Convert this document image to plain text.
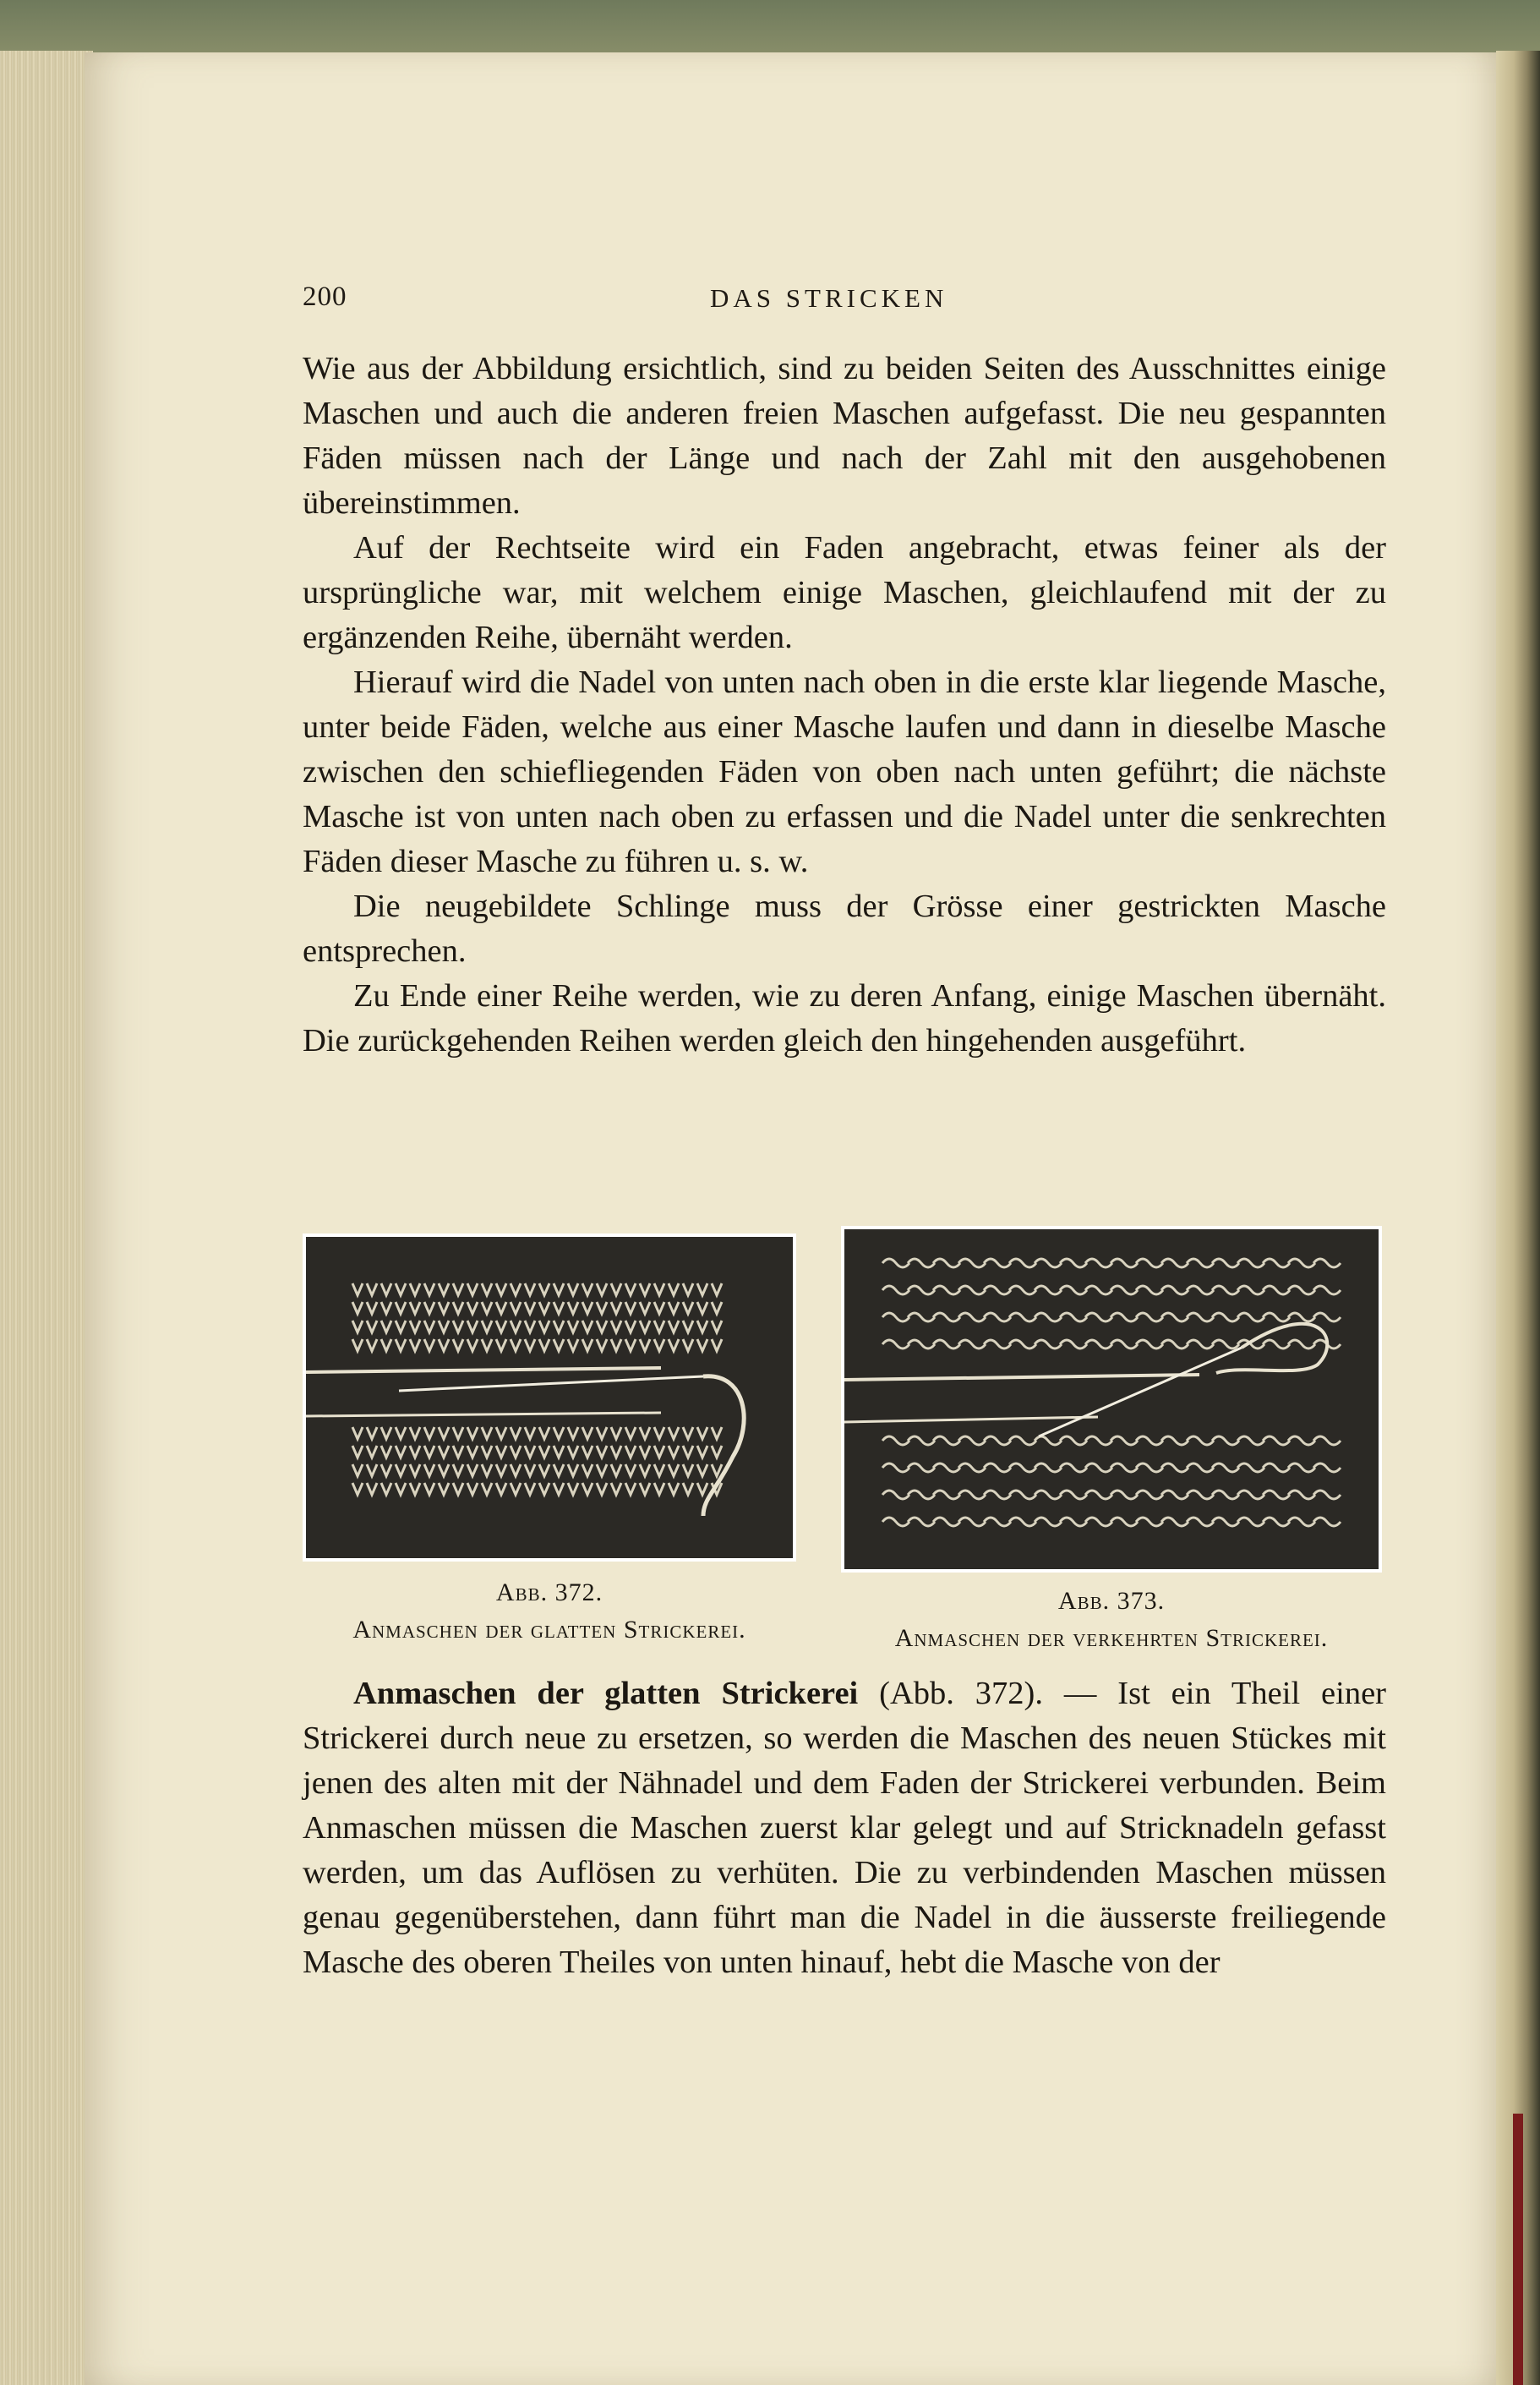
200	DAS STRICKEN

Wie aus der Abbildung ersichtlich, sind zu beiden Seiten des Ausschnittes einige Maschen und auch die anderen freien Maschen aufgefasst. Die neu gespannten Fäden müssen nach der Länge und nach der Zahl mit den ausgehobenen übereinstimmen.

Auf der Rechtseite wird ein Faden angebracht, etwas feiner als der ursprüngliche war, mit welchem einige Maschen, gleichlaufend mit der zu ergänzenden Reihe, übernäht werden.

Hierauf wird die Nadel von unten nach oben in die erste klar liegende Masche, unter beide Fäden, welche aus einer Masche laufen und dann in dieselbe Masche zwischen den schiefliegenden Fäden von oben nach unten geführt; die nächste Masche ist von unten nach oben zu erfassen und die Nadel unter die senkrechten Fäden dieser Masche zu führen u. s. w.

Die neugebildete Schlinge muss der Grösse einer gestrickten Masche entsprechen.

Zu Ende einer Reihe werden, wie zu deren Anfang, einige Maschen übernäht. Die zurückgehenden Reihen werden gleich den hingehenden ausgeführt.

Abb. 372.
Anmaschen der glatten Strickerei.
Abb. 373.
Anmaschen der verkehrten Strickerei.

Anmaschen der glatten Strickerei (Abb. 372). — Ist ein Theil einer Strickerei durch neue zu ersetzen, so werden die Maschen des neuen Stückes mit jenen des alten mit der Nähnadel und dem Faden der Strickerei verbunden. Beim Anmaschen müssen die Maschen zuerst klar gelegt und auf Stricknadeln gefasst werden, um das Auflösen zu verhüten. Die zu verbindenden Maschen müssen genau gegenüberstehen, dann führt man die Nadel in die äusserste freiliegende Masche des oberen Theiles von unten hinauf, hebt die Masche von der
